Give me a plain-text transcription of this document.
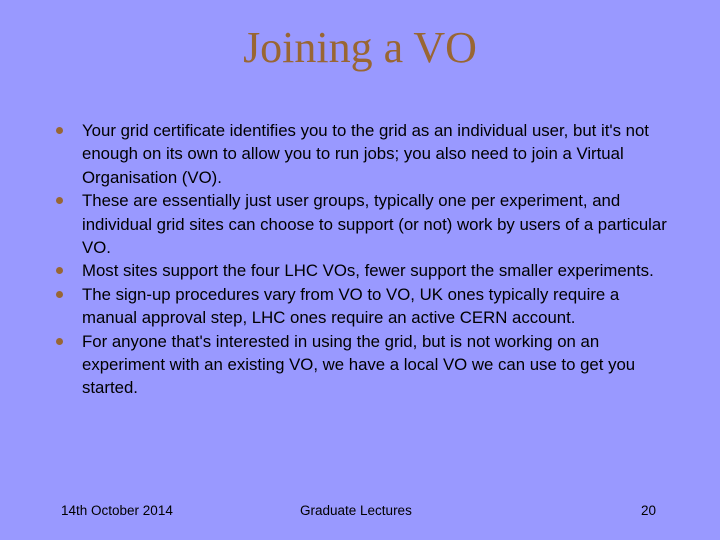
Joining a VO
Your grid certificate identifies you to the grid as an individual user, but it's not enough on its own to allow you to run jobs; you also need to join a Virtual Organisation (VO).
These are essentially just user groups, typically one per experiment, and individual grid sites can choose to support (or not) work by users of a particular VO.
Most sites support the four LHC VOs, fewer support the smaller experiments.
The sign-up procedures vary from VO to VO, UK ones typically require a manual approval step, LHC ones require an active CERN account.
For anyone that's interested in using the grid, but is not working on an experiment with an existing VO, we have a local VO we can use to get you started.
14th October 2014	Graduate Lectures	20
